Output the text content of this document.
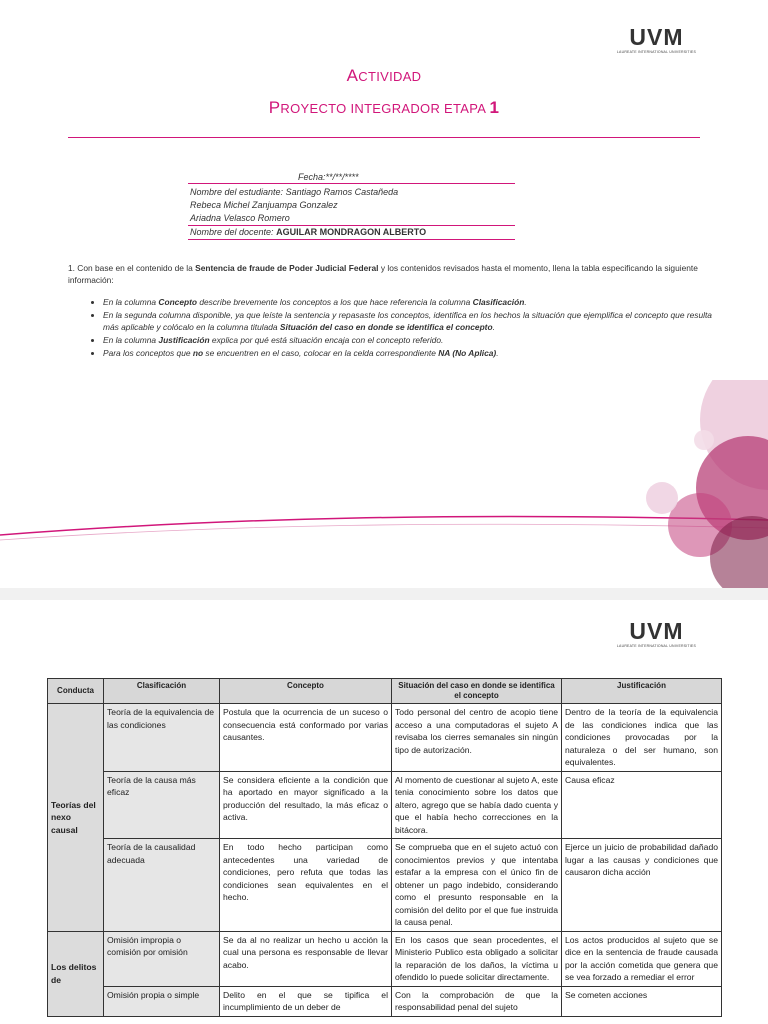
UVM
LAUREATE INTERNATIONAL UNIVERSITIES
ACTIVIDAD
PROYECTO INTEGRADOR ETAPA 1
Fecha:**/**/****
Nombre del estudiante: Santiago Ramos Castañeda
Rebeca Michel Zanjuampa Gonzalez
Ariadna Velasco Romero
Nombre del docente: AGUILAR MONDRAGON ALBERTO
1. Con base en el contenido de la Sentencia de fraude de Poder Judicial Federal y los contenidos revisados hasta el momento, llena la tabla especificando la siguiente información:
• En la columna Concepto describe brevemente los conceptos a los que hace referencia la columna Clasificación.
• En la segunda columna disponible, ya que leíste la sentencia y repasaste los conceptos, identifica en los hechos la situación que ejemplifica el concepto que resulta más aplicable y colócalo en la columna titulada Situación del caso en donde se identifica el concepto.
• En la columna Justificación explica por qué está situación encaja con el concepto referido.
• Para los conceptos que no se encuentren en el caso, colocar en la celda correspondiente NA (No Aplica).
UVM
LAUREATE INTERNATIONAL UNIVERSITIES
Conducta	Clasificación	Concepto	Situación del caso en donde se identifica el concepto	Justificación
Teorías del nexo causal	Teoría de la equivalencia de las condiciones	Postula que la ocurrencia de un suceso o consecuencia está conformado por varias causantes.	Todo personal del centro de acopio tiene acceso a una computadoras el sujeto A revisaba los cierres semanales sin ningún tipo de autorización.	Dentro de la teoría de la equivalencia de las condiciones indica que las condiciones provocadas por la naturaleza o del ser humano, son equivalentes.
	Teoría de la causa más eficaz	Se considera eficiente a la condición que ha aportado en mayor significado a la producción del resultado, la más eficaz o activa.	Al momento de cuestionar al sujeto A, este tenia conocimiento sobre los datos que altero, agrego que se había dado cuenta y que el había hecho correcciones en la bitácora.	Causa eficaz
	Teoría de la causalidad adecuada	En todo hecho participan como antecedentes una variedad de condiciones, pero refuta que todas las condiciones sean equivalentes en el hecho.	Se comprueba que en el sujeto actuó con conocimientos previos y que intentaba estafar a la empresa con el único fin de obtener un pago indebido, considerando como el presunto responsable en la comisión del delito por el que fue instruida la causa penal.	Ejerce un juicio de probabilidad dañado lugar a las causas y condiciones que causaron dicha acción
Los delitos de	Omisión impropia o comisión por omisión	Se da al no realizar un hecho u acción la cual una persona es responsable de llevar acabo.	En los casos que sean procedentes, el Ministerio Publico esta obligado a solicitar la reparación de los daños, la víctima u ofendido lo puede solicitar directamente.	Los actos producidos al sujeto que se dice en la sentencia de fraude causada por la acción cometida que genera que se vea forzado a remediar el error
	Omisión propia o simple	Delito en el que se tipifica el incumplimiento de un deber de	Con la comprobación de que la responsabilidad penal del sujeto	Se cometen acciones
